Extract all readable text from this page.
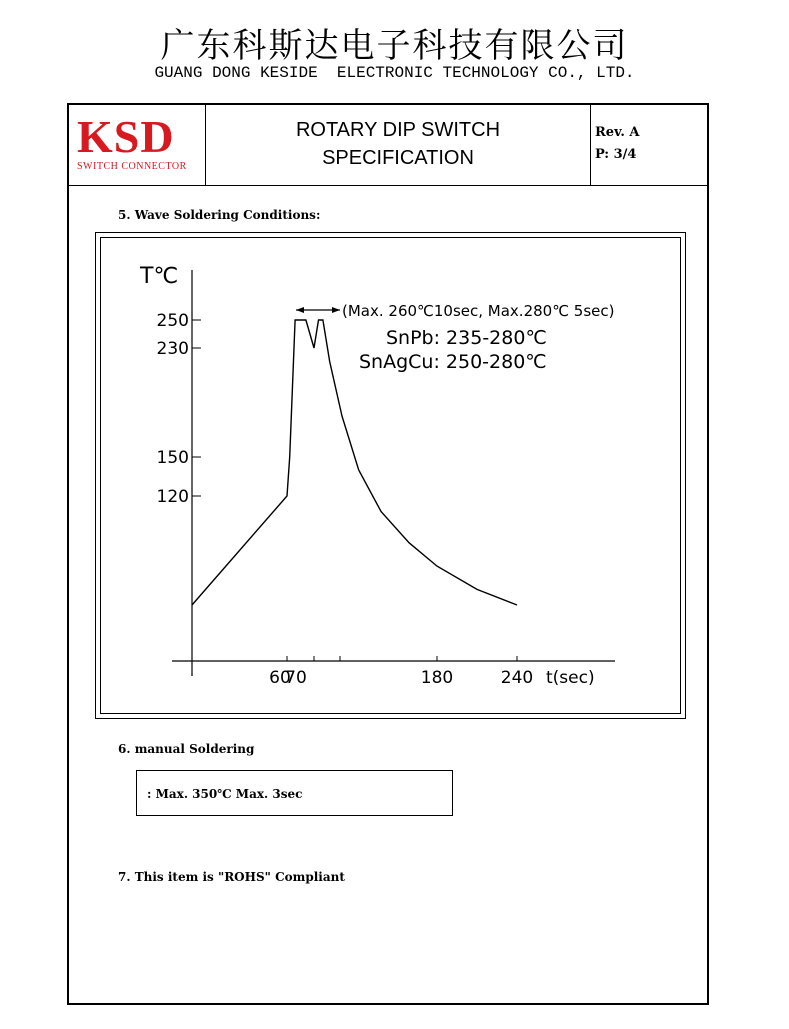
广东科斯达电子科技有限公司
GUANG DONG KESIDE  ELECTRONIC TECHNOLOGY CO., LTD.
KSD
SWITCH CONNECTOR
ROTARY DIP SWITCH
SPECIFICATION
Rev. A
P: 3/4
5. Wave Soldering Conditions:
T℃
250
230
150
120
60
70	180	240 t(sec)
(Max. 260℃10sec, Max.280℃ 5sec)
SnPb: 235-280℃
SnAgCu: 250-280℃
6. manual Soldering
: Max. 350℃ Max. 3sec
7. This item is "ROHS" Compliant
